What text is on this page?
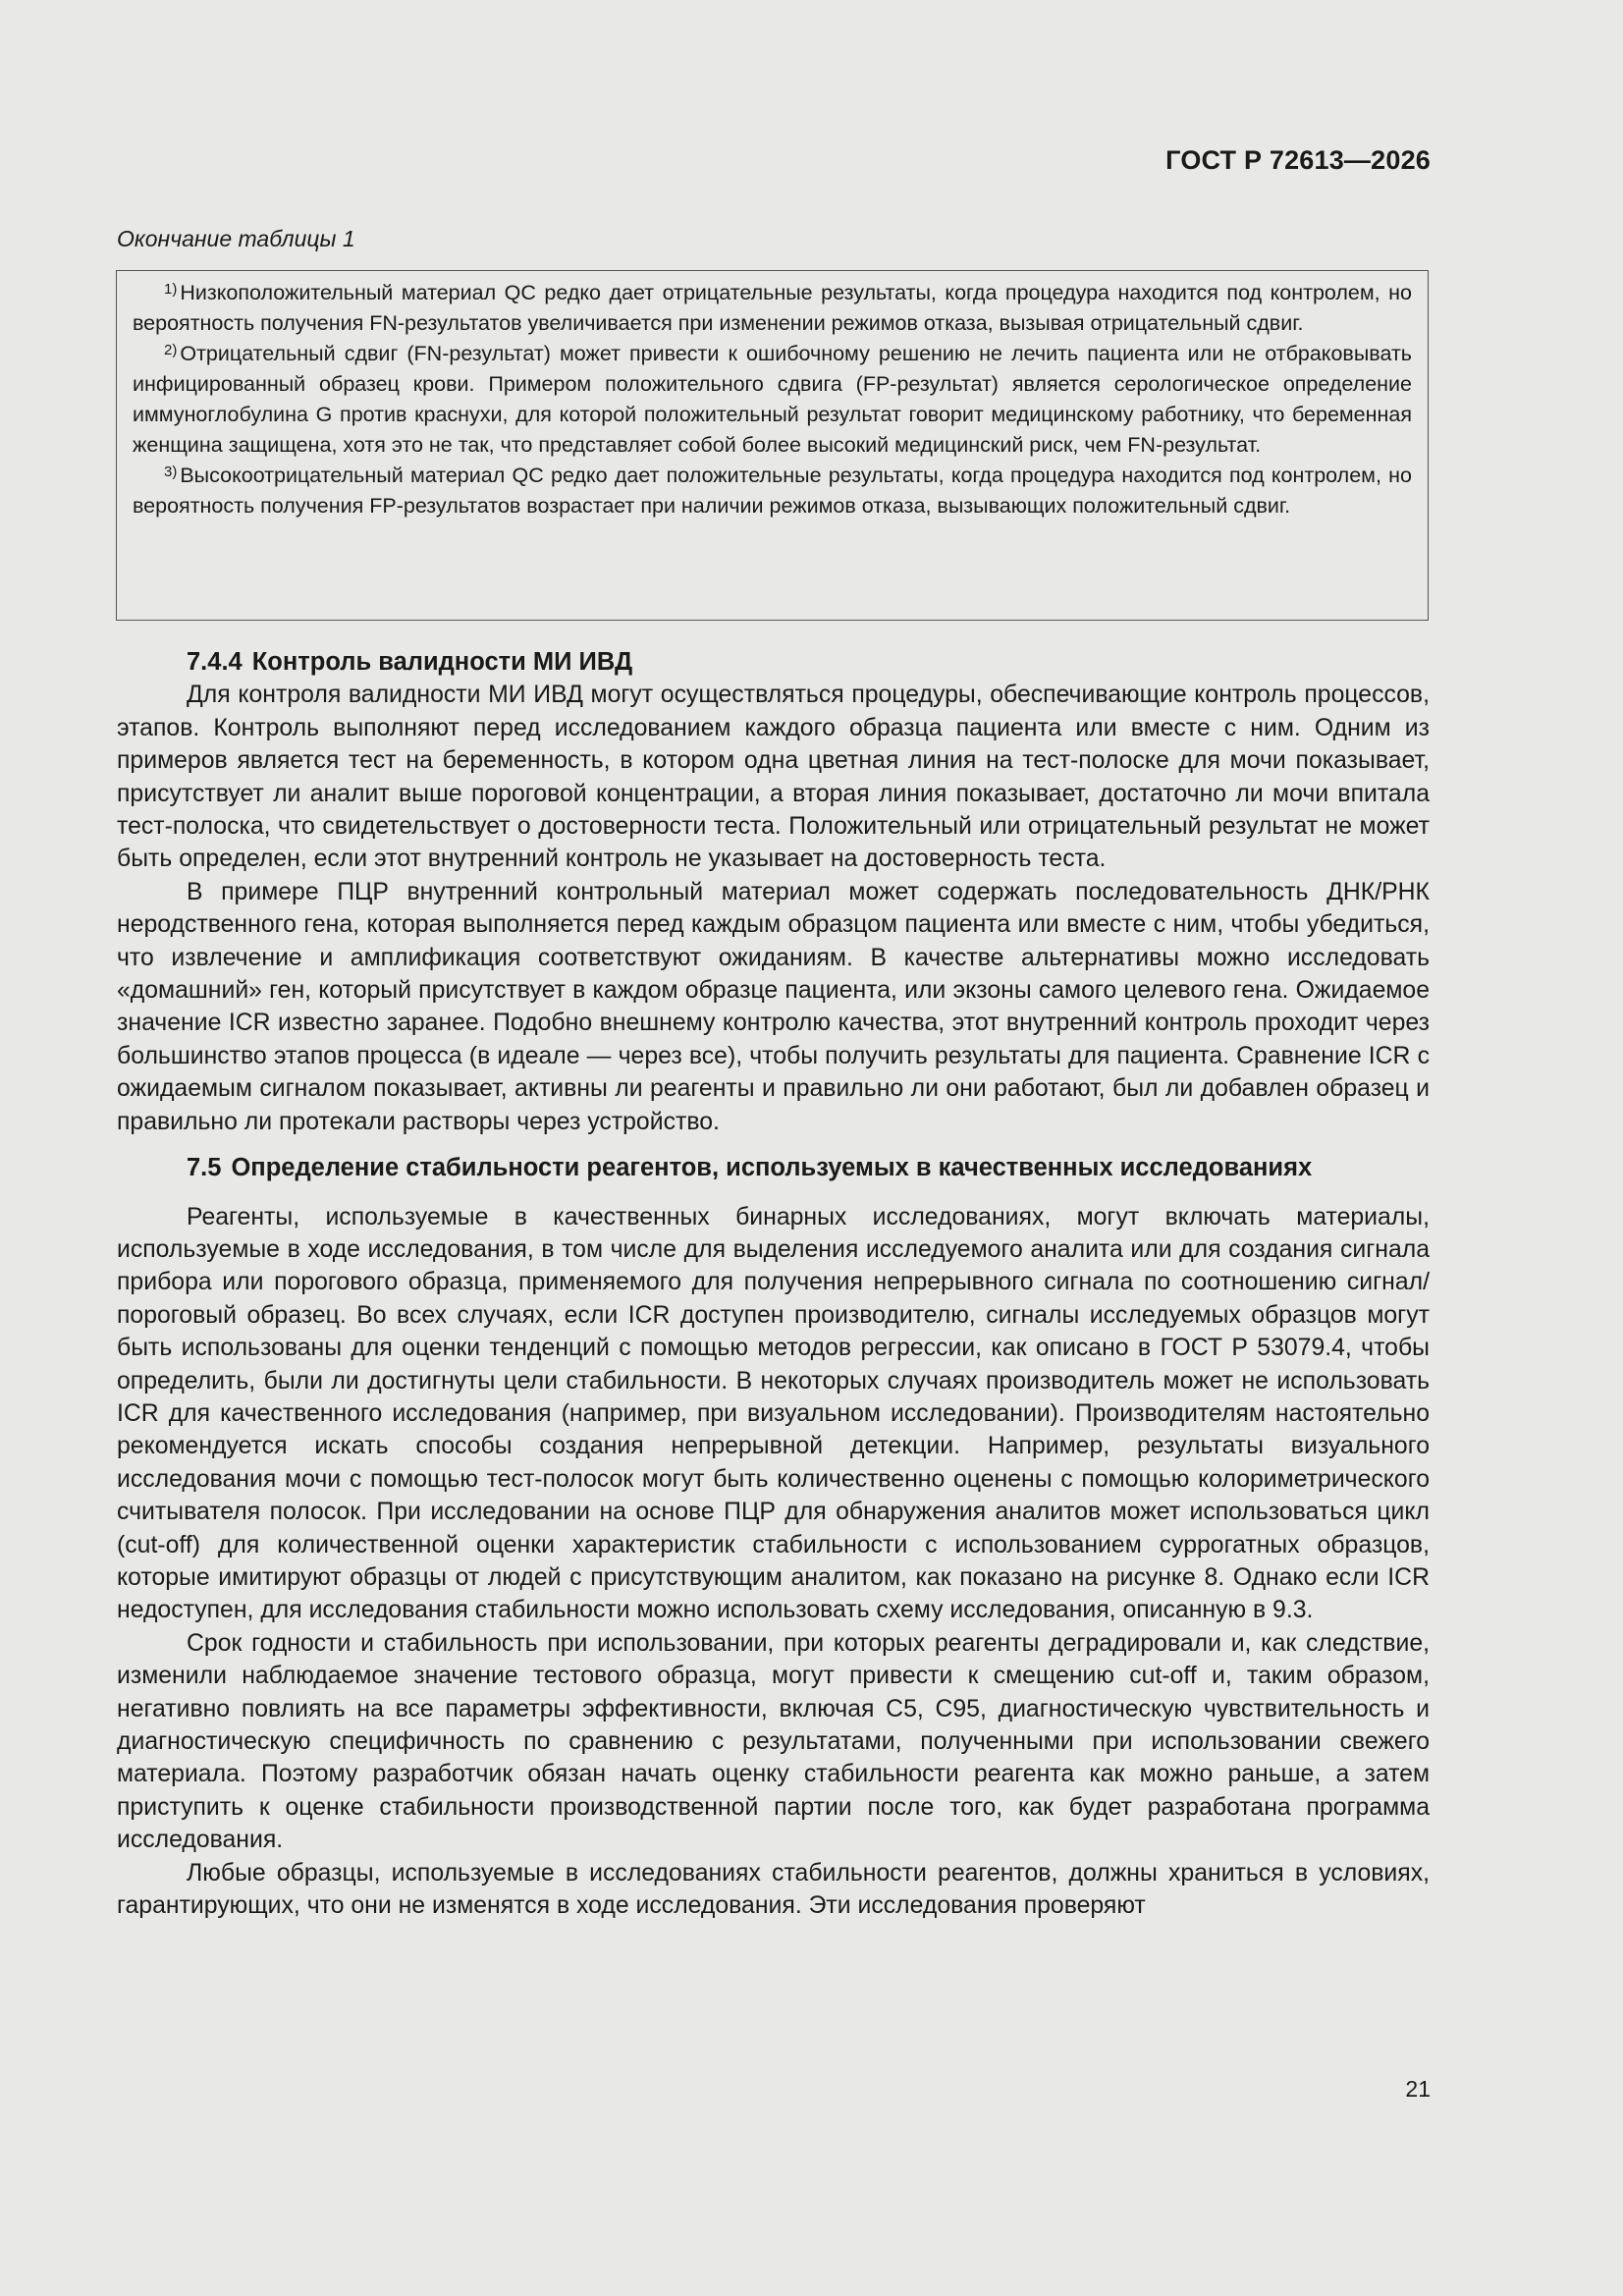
ГОСТ Р 72613—2026
Окончание таблицы 1

$^{1)}$ Низкоположительный материал QC редко дает отрицательные результаты, когда процедура находится под контролем, но вероятность получения FN-результатов увеличивается при изменении режимов отказа, вызывая отрицательный сдвиг.

$^{2)}$ Отрицательный сдвиг (FN-результат) может привести к ошибочному решению не лечить пациента или не отбраковывать инфицированный образец крови. Примером положительного сдвига (FP-результат) является серологическое определение иммуноглобулина G против краснухи, для которой положительный результат говорит медицинскому работнику, что беременная женщина защищена, хотя это не так, что представляет собой более высокий медицинский риск, чем FN-результат.

$^{3)}$ Высокоотрицательный материал QC редко дает положительные результаты, когда процедура находится под контролем, но вероятность получения FP-результатов возрастает при наличии режимов отказа, вызывающих положительный сдвиг.

7.4.4 Контроль валидности МИ ИВД

Для контроля валидности МИ ИВД могут осуществляться процедуры, обеспечивающие контроль процессов, этапов. Контроль выполняют перед исследованием каждого образца пациента или вместе с ним. Одним из примеров является тест на беременность, в котором одна цветная линия на тест-полоске для мочи показывает, присутствует ли аналит выше пороговой концентрации, а вторая линия показывает, достаточно ли мочи впитала тест-полоска, что свидетельствует о достоверности теста. Положительный или отрицательный результат не может быть определен, если этот внутренний контроль не указывает на достоверность теста.

В примере ПЦР внутренний контрольный материал может содержать последовательность ДНК/РНК неродственного гена, которая выполняется перед каждым образцом пациента или вместе с ним, чтобы убедиться, что извлечение и амплификация соответствуют ожиданиям. В качестве альтернативы можно исследовать «домашний» ген, который присутствует в каждом образце пациента, или экзоны самого целевого гена. Ожидаемое значение ICR известно заранее. Подобно внешнему контролю качества, этот внутренний контроль проходит через большинство этапов процесса (в идеале — через все), чтобы получить результаты для пациента. Сравнение ICR с ожидаемым сигналом показывает, активны ли реагенты и правильно ли они работают, был ли добавлен образец и правильно ли протекали растворы через устройство.

7.5 Определение стабильности реагентов, используемых в качественных исследованиях

Реагенты, используемые в качественных бинарных исследованиях, могут включать материалы, используемые в ходе исследования, в том числе для выделения исследуемого аналита или для создания сигнала прибора или порогового образца, применяемого для получения непрерывного сигнала по соотношению сигнал/пороговый образец. Во всех случаях, если ICR доступен производителю, сигналы исследуемых образцов могут быть использованы для оценки тенденций с помощью методов регрессии, как описано в ГОСТ Р 53079.4, чтобы определить, были ли достигнуты цели стабильности. В некоторых случаях производитель может не использовать ICR для качественного исследования (например, при визуальном исследовании). Производителям настоятельно рекомендуется искать способы создания непрерывной детекции. Например, результаты визуального исследования мочи с помощью тест-полосок могут быть количественно оценены с помощью колориметрического считывателя полосок. При исследовании на основе ПЦР для обнаружения аналитов может использоваться цикл (cut-off) для количественной оценки характеристик стабильности с использованием суррогатных образцов, которые имитируют образцы от людей с присутствующим аналитом, как показано на рисунке 8. Однако если ICR недоступен, для исследования стабильности можно использовать схему исследования, описанную в 9.3.

Срок годности и стабильность при использовании, при которых реагенты деградировали и, как следствие, изменили наблюдаемое значение тестового образца, могут привести к смещению cut-off и, таким образом, негативно повлиять на все параметры эффективности, включая С5, С95, диагностическую чувствительность и диагностическую специфичность по сравнению с результатами, полученными при использовании свежего материала. Поэтому разработчик обязан начать оценку стабильности реагента как можно раньше, а затем приступить к оценке стабильности производственной партии после того, как будет разработана программа исследования.

Любые образцы, используемые в исследованиях стабильности реагентов, должны храниться в условиях, гарантирующих, что они не изменятся в ходе исследования. Эти исследования проверяют

21
